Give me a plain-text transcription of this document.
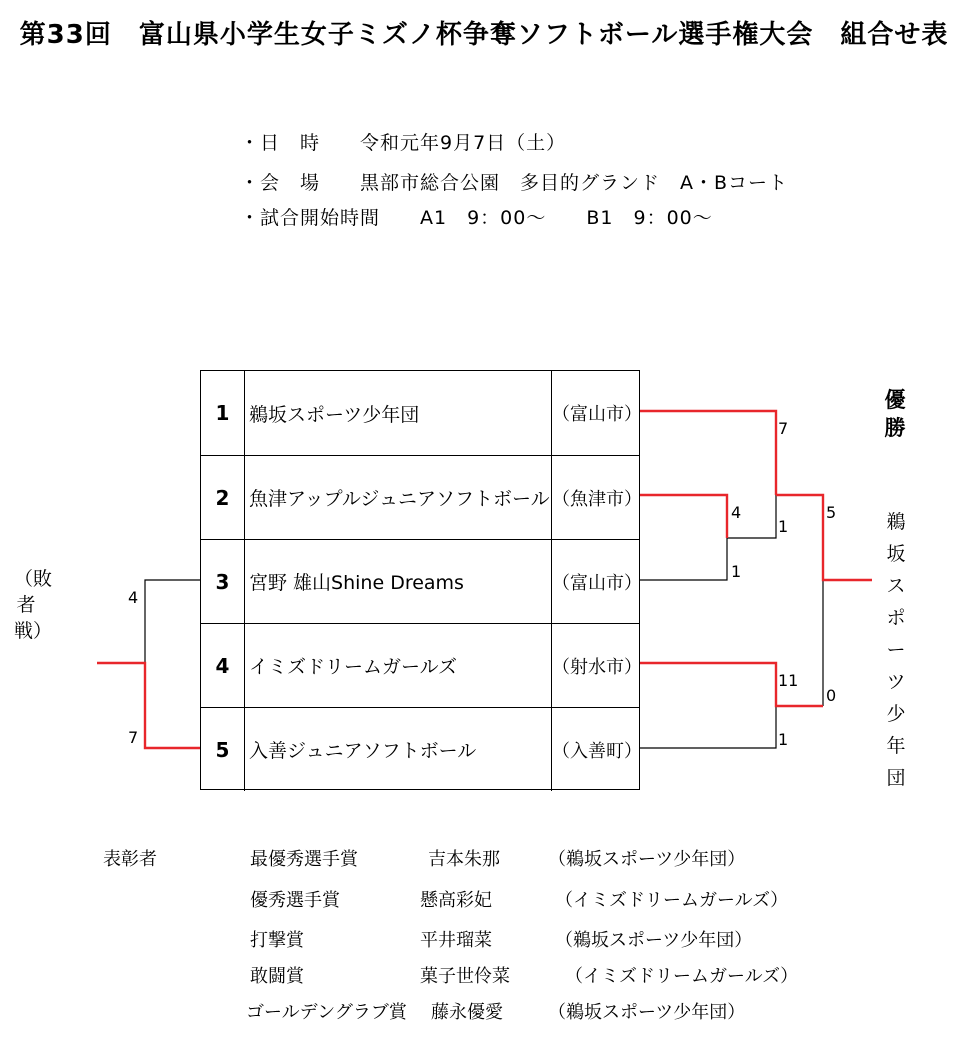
第33回　富山県小学生女子ミズノ杯争奪ソフトボール選手権大会　組合せ表
・日　時　　令和元年9月7日（土）
・会　場　　黒部市総合公園　多目的グランド　A・Bコート
・試合開始時間　　A1　9：00～　　B1　9：00～
1	鵜坂スポーツ少年団	（富山市）
2	魚津アップルジュニアソフトボール （魚津市）
3	宮野 雄山Shine Dreams	（富山市）
4	イミズドリームガールズ	（射水市）
5	入善ジュニアソフトボール	（入善町）
7
4
1
5
1
11
0
1
4
7
優勝
鵜坂スポーツ少年団
（敗者戦）
表彰者	最優秀選手賞	吉本朱那	（鵜坂スポーツ少年団）
優秀選手賞	懸高彩妃	（イミズドリームガールズ）
打撃賞	平井瑠菜	（鵜坂スポーツ少年団）
敢闘賞	菓子世伶菜	（イミズドリームガールズ）
ゴールデングラブ賞 藤永優愛	（鵜坂スポーツ少年団）
